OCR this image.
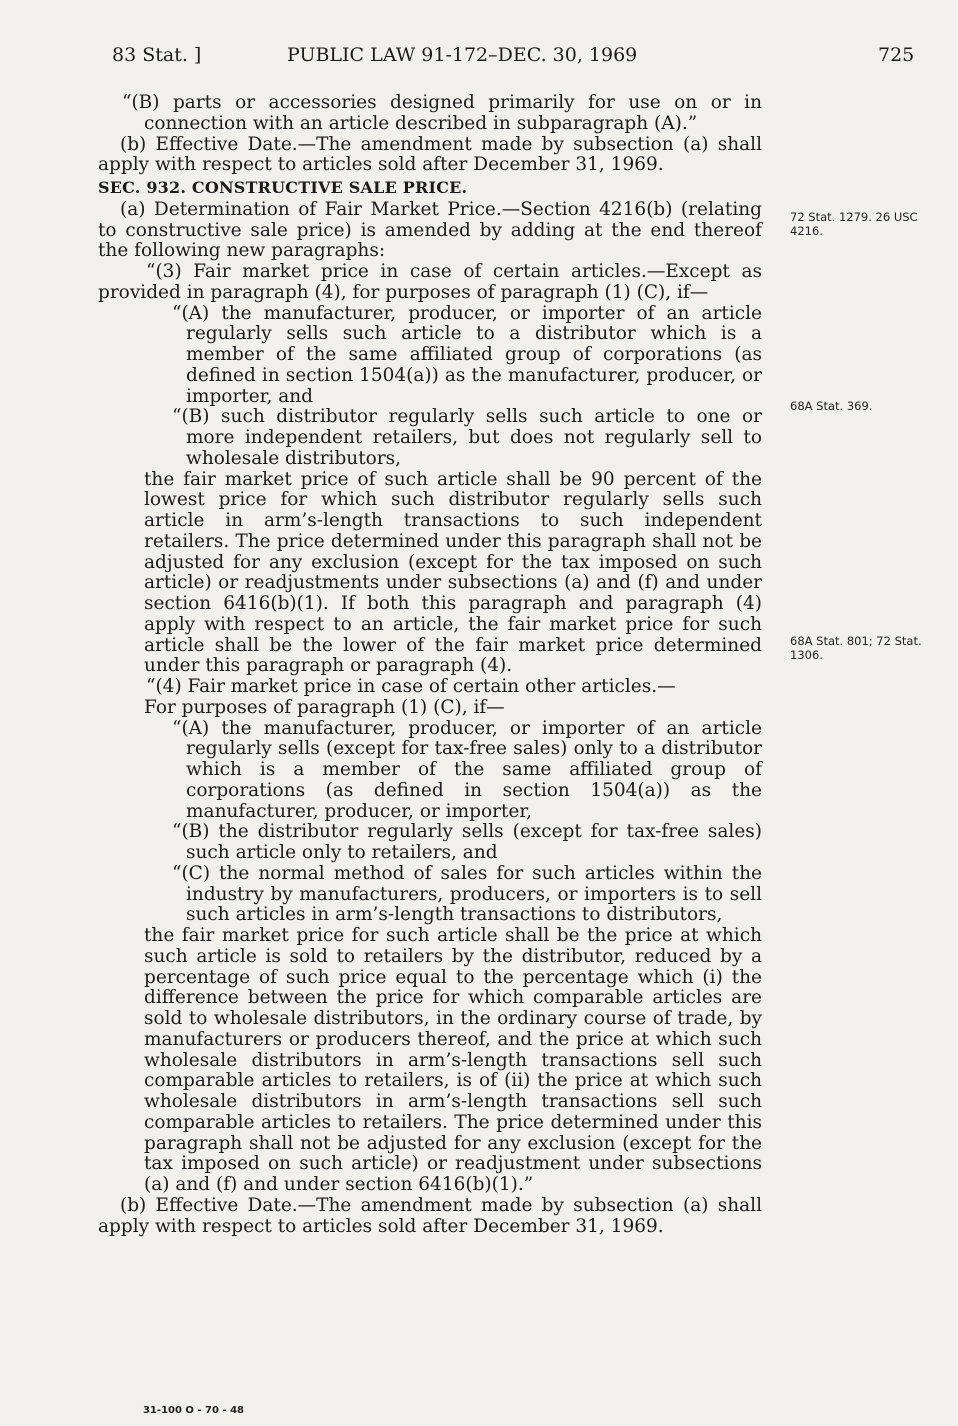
83 Stat. ]	PUBLIC LAW 91-172–DEC. 30, 1969	725

“(B) parts or accessories designed primarily for use on or in connection with an article described in subparagraph (A).”

(b) Effective Date.—The amendment made by subsection (a) shall apply with respect to articles sold after December 31, 1969.

SEC. 932. CONSTRUCTIVE SALE PRICE.

(a) Determination of Fair Market Price.—Section 4216(b) (relating to constructive sale price) is amended by adding at the end thereof the following new paragraphs:

“(3) Fair market price in case of certain articles.—Except as provided in paragraph (4), for purposes of paragraph (1) (C), if—

“(A) the manufacturer, producer, or importer of an article regularly sells such article to a distributor which is a member of the same affiliated group of corporations (as defined in section 1504(a)) as the manufacturer, producer, or importer, and

“(B) such distributor regularly sells such article to one or more independent retailers, but does not regularly sell to wholesale distributors,

the fair market price of such article shall be 90 percent of the lowest price for which such distributor regularly sells such article in arm’s-length transactions to such independent retailers. The price determined under this paragraph shall not be adjusted for any exclusion (except for the tax imposed on such article) or readjustments under subsections (a) and (f) and under section 6416(b)(1). If both this paragraph and paragraph (4) apply with respect to an article, the fair market price for such article shall be the lower of the fair market price determined under this paragraph or paragraph (4).

“(4) Fair market price in case of certain other articles.—

For purposes of paragraph (1) (C), if—

“(A) the manufacturer, producer, or importer of an article regularly sells (except for tax-free sales) only to a distributor which is a member of the same affiliated group of corporations (as defined in section 1504(a)) as the manufacturer, producer, or importer,

“(B) the distributor regularly sells (except for tax-free sales) such article only to retailers, and

“(C) the normal method of sales for such articles within the industry by manufacturers, producers, or importers is to sell such articles in arm’s-length transactions to distributors,

the fair market price for such article shall be the price at which such article is sold to retailers by the distributor, reduced by a percentage of such price equal to the percentage which (i) the difference between the price for which comparable articles are sold to wholesale distributors, in the ordinary course of trade, by manufacturers or producers thereof, and the price at which such wholesale distributors in arm’s-length transactions sell such comparable articles to retailers, is of (ii) the price at which such wholesale distributors in arm’s-length transactions sell such comparable articles to retailers. The price determined under this paragraph shall not be adjusted for any exclusion (except for the tax imposed on such article) or readjustment under subsections (a) and (f) and under section 6416(b)(1).”

(b) Effective Date.—The amendment made by subsection (a) shall apply with respect to articles sold after December 31, 1969.

72 Stat. 1279. 26 USC 4216.
68A Stat. 369.
68A Stat. 801; 72 Stat. 1306.
31-100 O - 70 - 48
